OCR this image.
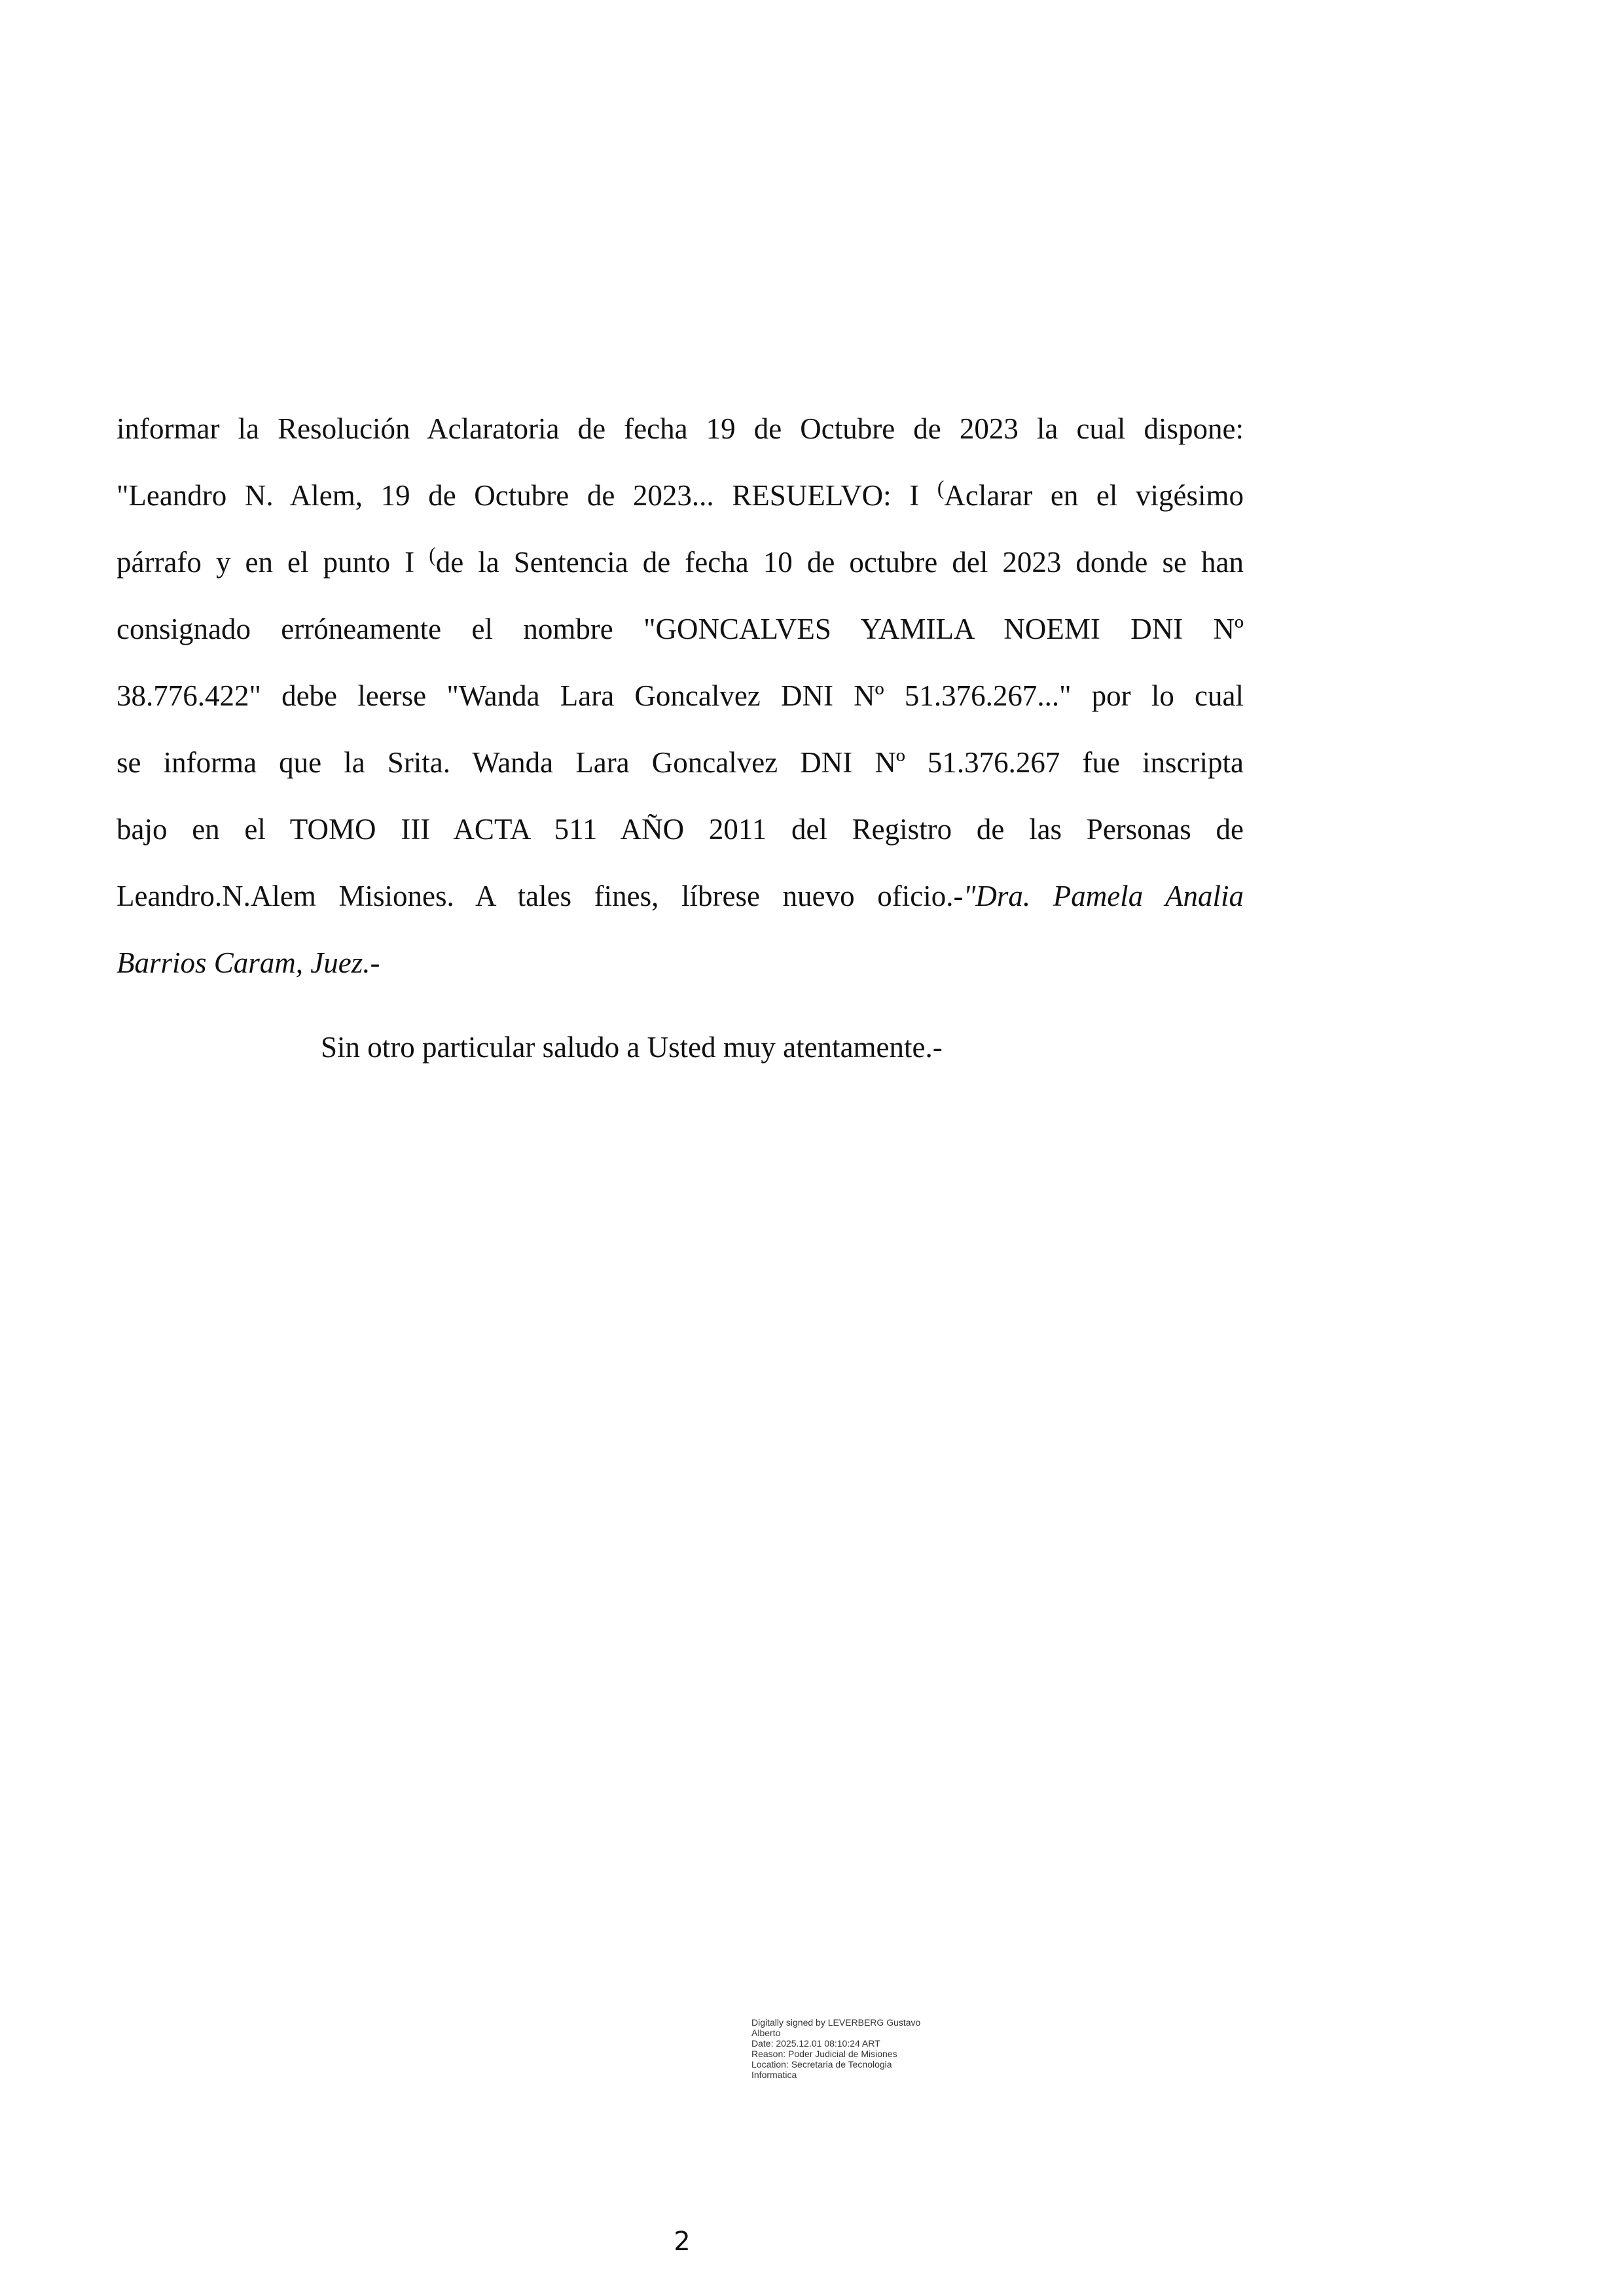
informar la Resolución Aclaratoria de fecha 19 de Octubre de 2023 la cual dispone:
"Leandro N. Alem, 19 de Octubre de 2023... RESUELVO: I (Aclarar en el vigésimo
párrafo y en el punto I (de la Sentencia de fecha 10 de octubre del 2023 donde se han
consignado erróneamente el nombre "GONCALVES YAMILA NOEMI DNI Nº
38.776.422" debe leerse "Wanda Lara Goncalvez DNI Nº 51.376.267..." por lo cual
se informa que la Srita. Wanda Lara Goncalvez DNI Nº 51.376.267 fue inscripta
bajo en el TOMO III ACTA 511 AÑO 2011 del Registro de las Personas de
Leandro.N.Alem Misiones. A tales fines, líbrese nuevo oficio.-"Dra. Pamela Analia
Barrios Caram, Juez.-

Sin otro particular saludo a Usted muy atentamente.-

Digitally signed by LEVERBERG Gustavo
Alberto
Date: 2025.12.01 08:10:24 ART
Reason: Poder Judicial de Misiones
Location: Secretaria de Tecnologia
Informatica
2
